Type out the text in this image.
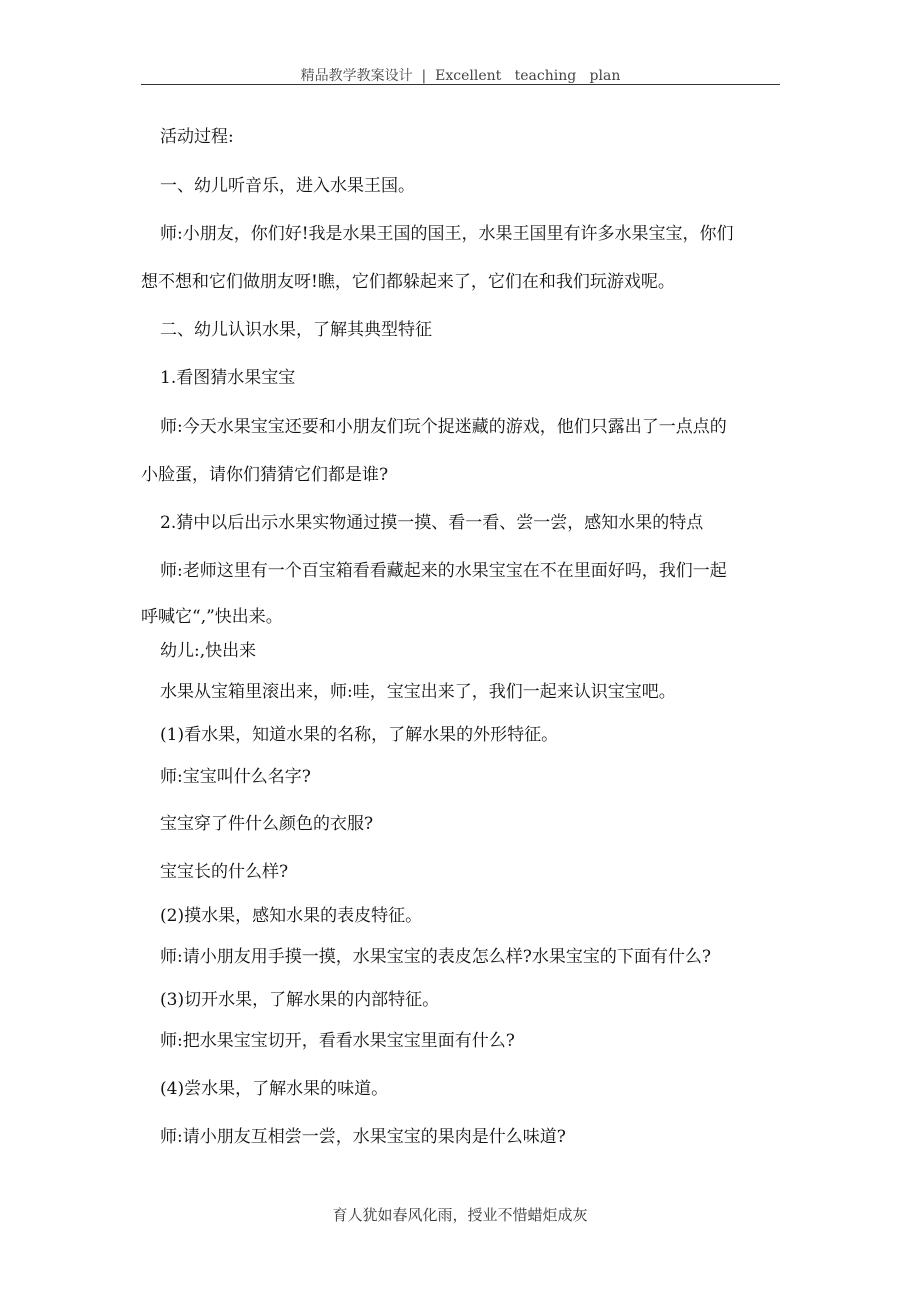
精品教学教案设计  |  Excellent   teaching   plan
活动过程:
一、幼儿听音乐，进入水果王国。
师:小朋友，你们好!我是水果王国的国王，水果王国里有许多水果宝宝，你们
想不想和它们做朋友呀!瞧，它们都躲起来了，它们在和我们玩游戏呢。
二、幼儿认识水果，了解其典型特征
1.看图猜水果宝宝
师:今天水果宝宝还要和小朋友们玩个捉迷藏的游戏，他们只露出了一点点的
小脸蛋，请你们猜猜它们都是谁?
2.猜中以后出示水果实物通过摸一摸、看一看、尝一尝，感知水果的特点
师:老师这里有一个百宝箱看看藏起来的水果宝宝在不在里面好吗，我们一起
呼喊它“,”快出来。
幼儿:,快出来
水果从宝箱里滚出来，师:哇，宝宝出来了，我们一起来认识宝宝吧。
(1)看水果，知道水果的名称，了解水果的外形特征。
师:宝宝叫什么名字?
宝宝穿了件什么颜色的衣服?
宝宝长的什么样?
(2)摸水果，感知水果的表皮特征。
师:请小朋友用手摸一摸，水果宝宝的表皮怎么样?水果宝宝的下面有什么?
(3)切开水果，了解水果的内部特征。
师:把水果宝宝切开，看看水果宝宝里面有什么?
(4)尝水果，了解水果的味道。
师:请小朋友互相尝一尝，水果宝宝的果肉是什么味道?
育人犹如春风化雨，授业不惜蜡炬成灰
